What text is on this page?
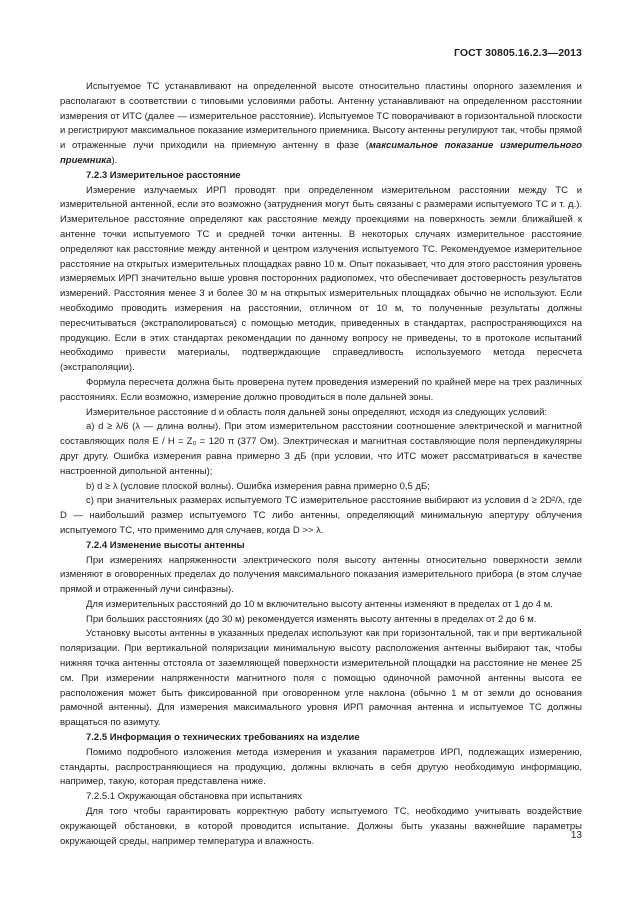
ГОСТ 30805.16.2.3—2013

Испытуемое ТС устанавливают на определенной высоте относительно пластины опорного заземления и располагают в соответствии с типовыми условиями работы. Антенну устанавливают на определенном расстоянии измерения от ИТС (далее — измерительное расстояние). Испытуемое ТС поворачивают в горизонтальной плоскости и регистрируют максимальное показание измерительного приемника. Высоту антенны регулируют так, чтобы прямой и отраженные лучи приходили на приемную антенну в фазе (максимальное показание измерительного приемника).

7.2.3 Измерительное расстояние

Измерение излучаемых ИРП проводят при определенном измерительном расстоянии между ТС и измерительной антенной, если это возможно (затруднения могут быть связаны с размерами испытуемого ТС и т. д.). Измерительное расстояние определяют как расстояние между проекциями на поверхность земли ближайшей к антенне точки испытуемого ТС и средней точки антенны. В некоторых случаях измерительное расстояние определяют как расстояние между антенной и центром излучения испытуемого ТС. Рекомендуемое измерительное расстояние на открытых измерительных площадках равно 10 м. Опыт показывает, что для этого расстояния уровень измеряемых ИРП значительно выше уровня посторонних радиопомех, что обеспечивает достоверность результатов измерений. Расстояния менее 3 и более 30 м на открытых измерительных площадках обычно не используют. Если необходимо проводить измерения на расстоянии, отличном от 10 м, то полученные результаты должны пересчитываться (экстраполироваться) с помощью методик, приведенных в стандартах, распространяющихся на продукцию. Если в этих стандартах рекомендации по данному вопросу не приведены, то в протоколе испытаний необходимо привести материалы, подтверждающие справедливость используемого метода пересчета (экстраполяции).

Формула пересчета должна быть проверена путем проведения измерений по крайней мере на трех различных расстояниях. Если возможно, измерение должно проводиться в поле дальней зоны.

Измерительное расстояние d и область поля дальней зоны определяют, исходя из следующих условий:

a) d ≥ λ/6 (λ — длина волны). При этом измерительном расстоянии соотношение электрической и магнитной составляющих поля E / H = Z₀ = 120 π (377 Ом). Электрическая и магнитная составляющие поля перпендикулярны друг другу. Ошибка измерения равна примерно 3 дБ (при условии, что ИТС может рассматриваться в качестве настроенной дипольной антенны);

b) d ≥ λ (условие плоской волны). Ошибка измерения равна примерно 0,5 дБ;

c) при значительных размерах испытуемого ТС измерительное расстояние выбирают из условия d ≥ 2D²/λ, где D — наибольший размер испытуемого ТС либо антенны, определяющий минимальную апертуру облучения испытуемого ТС, что применимо для случаев, когда D >> λ.

7.2.4 Изменение высоты антенны

При измерениях напряженности электрического поля высоту антенны относительно поверхности земли изменяют в оговоренных пределах до получения максимального показания измерительного прибора (в этом случае прямой и отраженный лучи синфазны).

Для измерительных расстояний до 10 м включительно высоту антенны изменяют в пределах от 1 до 4 м.

При больших расстояниях (до 30 м) рекомендуется изменять высоту антенны в пределах от 2 до 6 м.

Установку высоты антенны в указанных пределах используют как при горизонтальной, так и при вертикальной поляризации. При вертикальной поляризации минимальную высоту расположения антенны выбирают так, чтобы нижняя точка антенны отстояла от заземляющей поверхности измерительной площадки на расстояние не менее 25 см. При измерении напряженности магнитного поля с помощью одиночной рамочной антенны высота ее расположения может быть фиксированной при оговоренном угле наклона (обычно 1 м от земли до основания рамочной антенны). Для измерения максимального уровня ИРП рамочная антенна и испытуемое ТС должны вращаться по азимуту.

7.2.5 Информация о технических требованиях на изделие

Помимо подробного изложения метода измерения и указания параметров ИРП, подлежащих измерению, стандарты, распространяющиеся на продукцию, должны включать в себя другую необходимую информацию, например, такую, которая представлена ниже.

7.2.5.1 Окружающая обстановка при испытаниях

Для того чтобы гарантировать корректную работу испытуемого ТС, необходимо учитывать воздействие окружающей обстановки, в которой проводится испытание. Должны быть указаны важнейшие параметры окружающей среды, например температура и влажность.

13
